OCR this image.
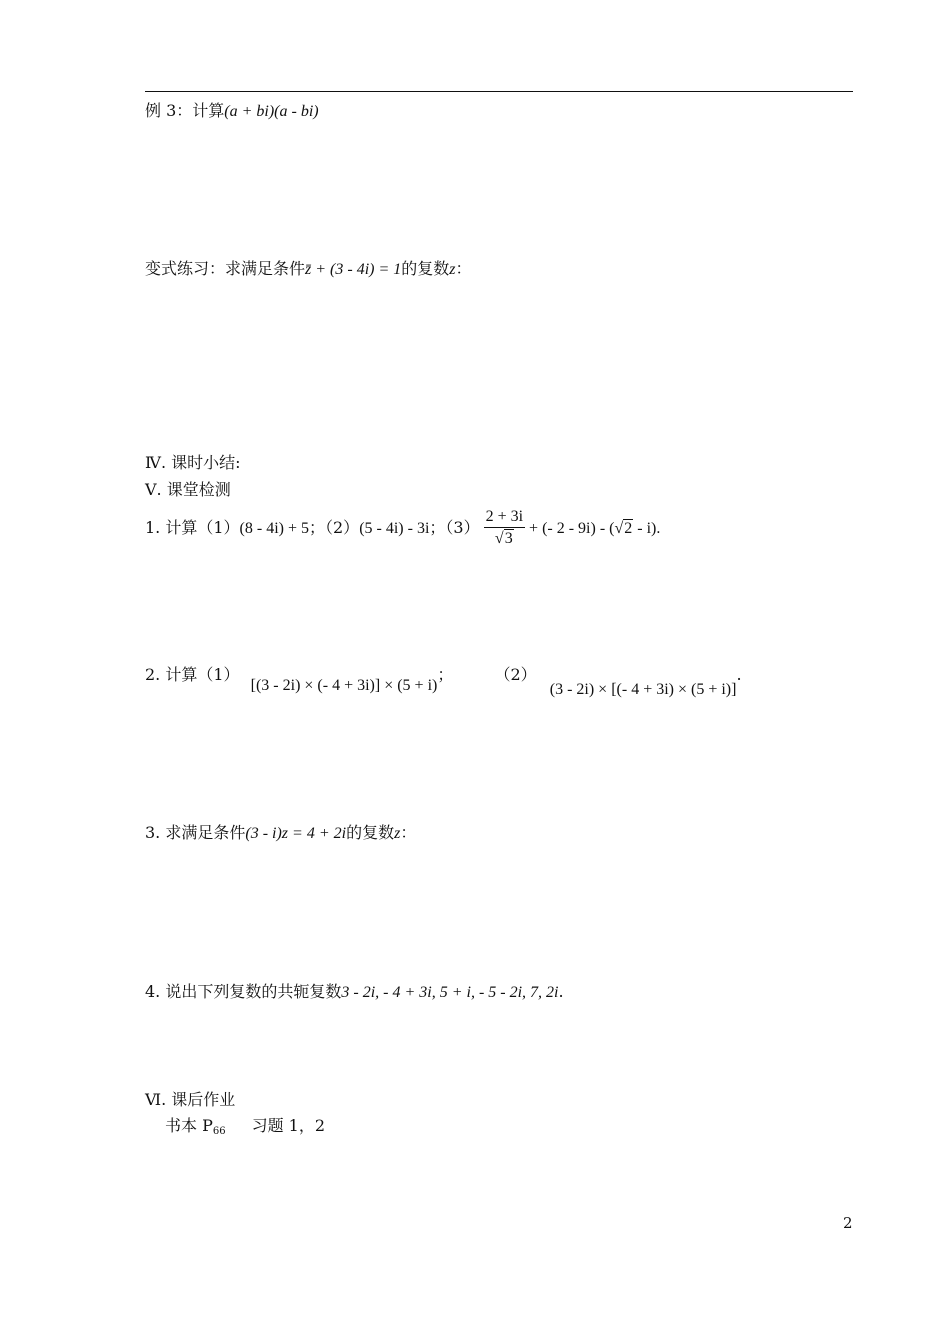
例 3：计算(a + bi)(a - bi)
变式练习：求满足条件z̄ + (3 - 4i) = 1的复数z：
Ⅳ. 课时小结:
Ⅴ. 课堂检测
1. 计算（1）(8 - 4i) + 5；（2）(5 - 4i) - 3i；$(3) \frac{2 + 3i}{√3}$ + (- 2 - 9i) - (√2 - i).
2. 计算（1） [(3 - 2i) × (- 4 + 3i)] × (5 + i)；	（2） (3 - 2i) × [(- 4 + 3i) × (5 + i)].
3. 求满足条件(3 - i)z = 4 + 2i的复数z：
4. 说出下列复数的共轭复数3 - 2i, - 4 + 3i, 5 + i, - 5 - 2i, 7, 2i.
Ⅵ. 课后作业
书本 $P_{66}$ 习题 1，2
2
